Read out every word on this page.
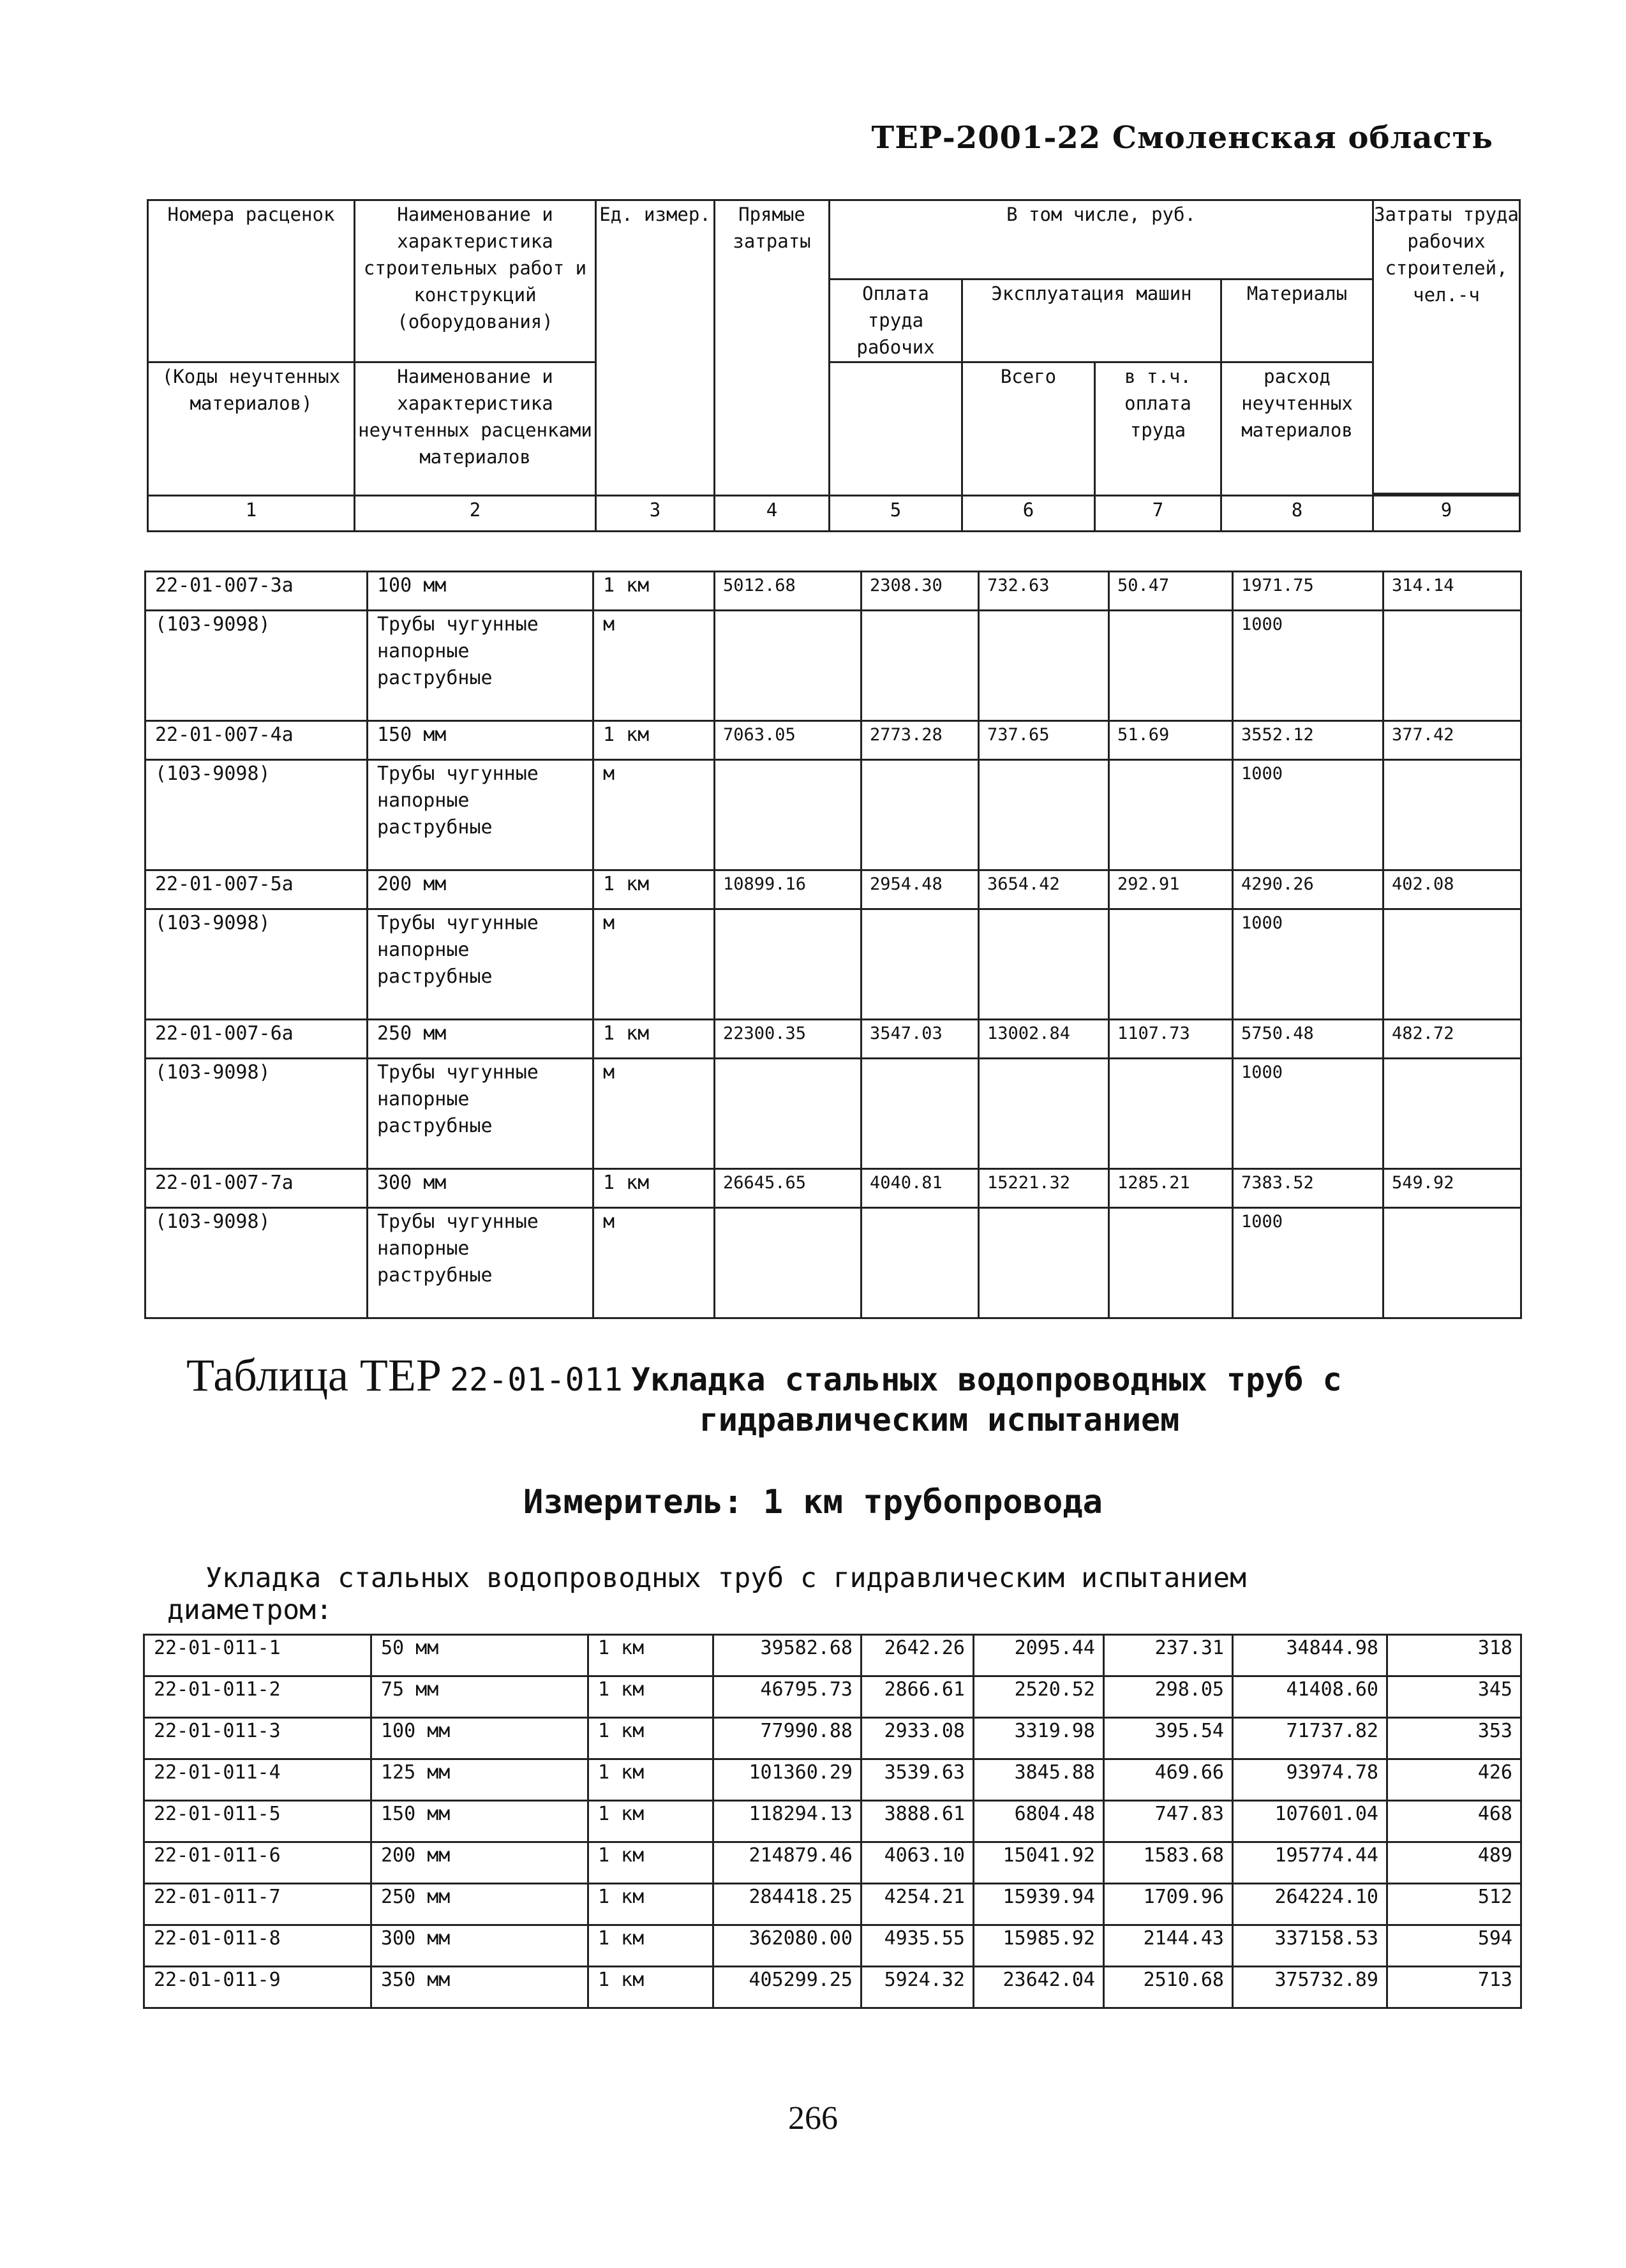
ТЕР-2001-22 Смоленская область
Номера расценок	Наименование и характеристика строительных работ и конструкций (оборудования)	Ед. измер.	Прямые затраты	В том числе, руб.				Затраты труда рабочих строителей, чел.-ч
				Оплата труда рабочих	Эксплуатация машин		Материалы	
(Коды неучтенных материалов)	Наименование и характеристика неучтенных расценками материалов				Всего	в т.ч. оплата труда	расход неучтенных материалов	

1	2	3	4	5	6	7	8	9
22-01-007-3а	100 мм	1 км	5012.68	2308.30	732.63	50.47	1971.75	314.14
(103-9098)	Трубы чугунные напорные раструбные	м					1000	
22-01-007-4а	150 мм	1 км	7063.05	2773.28	737.65	51.69	3552.12	377.42
(103-9098)	Трубы чугунные напорные раструбные	м					1000	
22-01-007-5а	200 мм	1 км	10899.16	2954.48	3654.42	292.91	4290.26	402.08
(103-9098)	Трубы чугунные напорные раструбные	м					1000	
22-01-007-6а	250 мм	1 км	22300.35	3547.03	13002.84	1107.73	5750.48	482.72
(103-9098)	Трубы чугунные напорные раструбные	м					1000	
22-01-007-7а	300 мм	1 км	26645.65	4040.81	15221.32	1285.21	7383.52	549.92
(103-9098)	Трубы чугунные напорные раструбные	м					1000	
Таблица ТЕР 22-01-011 Укладка стальных водопроводных труб с
гидравлическим испытанием
Измеритель: 1 км трубопровода
Укладка стальных водопроводных труб с гидравлическим испытанием
диаметром:
22-01-011-1	50 мм	1 км	39582.68	2642.26	2095.44	237.31	34844.98	318
22-01-011-2	75 мм	1 км	46795.73	2866.61	2520.52	298.05	41408.60	345
22-01-011-3	100 мм	1 км	77990.88	2933.08	3319.98	395.54	71737.82	353
22-01-011-4	125 мм	1 км	101360.29	3539.63	3845.88	469.66	93974.78	426
22-01-011-5	150 мм	1 км	118294.13	3888.61	6804.48	747.83	107601.04	468
22-01-011-6	200 мм	1 км	214879.46	4063.10	15041.92	1583.68	195774.44	489
22-01-011-7	250 мм	1 км	284418.25	4254.21	15939.94	1709.96	264224.10	512
22-01-011-8	300 мм	1 км	362080.00	4935.55	15985.92	2144.43	337158.53	594
22-01-011-9	350 мм	1 км	405299.25	5924.32	23642.04	2510.68	375732.89	713
266
